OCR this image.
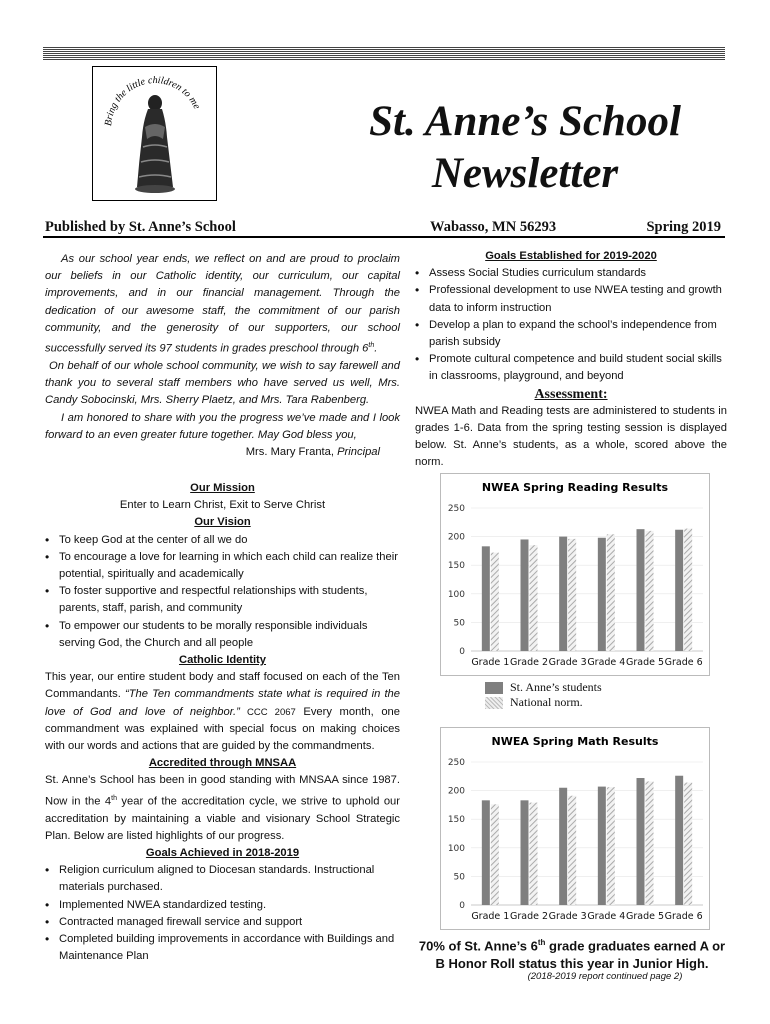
Bring the little children to me	St. Anne’s School
Newsletter
Published by St. Anne’s School	Wabasso, MN 56293	Spring 2019

As our school year ends, we reflect on and are proud to proclaim our beliefs in our Catholic identity, our curriculum, our capital improvements, and in our financial management. Through the dedication of our awesome staff, the commitment of our parish community, and the generosity of our supporters, our school successfully served its 97 students in grades preschool through 6th.

On behalf of our whole school community, we wish to say farewell and thank you to several staff members who have served us well, Mrs. Candy Sobocinski, Mrs. Sherry Plaetz, and Mrs. Tara Rabenberg.

I am honored to share with you the progress we’ve made and I look forward to an even greater future together. May God bless you,

Mrs. Mary Franta, Principal

Our Mission
Enter to Learn Christ, Exit to Serve Christ
Our Vision
• To keep God at the center of all we do
• To encourage a love for learning in which each child can realize their potential, spiritually and academically
• To foster supportive and respectful relationships with students, parents, staff, parish, and community
• To empower our students to be morally responsible individuals serving God, the Church and all people
Catholic Identity
This year, our entire student body and staff focused on each of the Ten Commandants. “The Ten commandments state what is required in the love of God and love of neighbor.” CCC 2067 Every month, one commandment was explained with special focus on making choices with our words and actions that are guided by the commandments.
Accredited through MNSAA
St. Anne’s School has been in good standing with MNSAA since 1987. Now in the 4th year of the accreditation cycle, we strive to uphold our accreditation by maintaining a viable and visionary School Strategic Plan. Below are listed highlights of our progress.
Goals Achieved in 2018-2019
• Religion curriculum aligned to Diocesan standards. Instructional materials purchased.
• Implemented NWEA standardized testing.
• Contracted managed firewall service and support
• Completed building improvements in accordance with Buildings and Maintenance Plan
Goals Established for 2019-2020
• Assess Social Studies curriculum standards
• Professional development to use NWEA testing and growth data to inform instruction
• Develop a plan to expand the school’s independence from parish subsidy
• Promote cultural competence and build student social skills in classrooms, playground, and beyond
Assessment:
NWEA Math and Reading tests are administered to students in grades 1-6. Data from the spring testing session is displayed below. St. Anne’s students, as a whole, scored above the norm.
NWEA Spring Reading Results
0
50
100
150
200
250
Grade 1 Grade 2 Grade 3 Grade 4 Grade 5 Grade 6
St. Anne’s students
National norm.
NWEA Spring Math Results
0
50
100
150
200
250
Grade 1 Grade 2 Grade 3 Grade 4 Grade 5 Grade 6
70% of St. Anne’s 6th grade graduates earned A or B Honor Roll status this year in Junior High.
(2018-2019 report continued page 2)
